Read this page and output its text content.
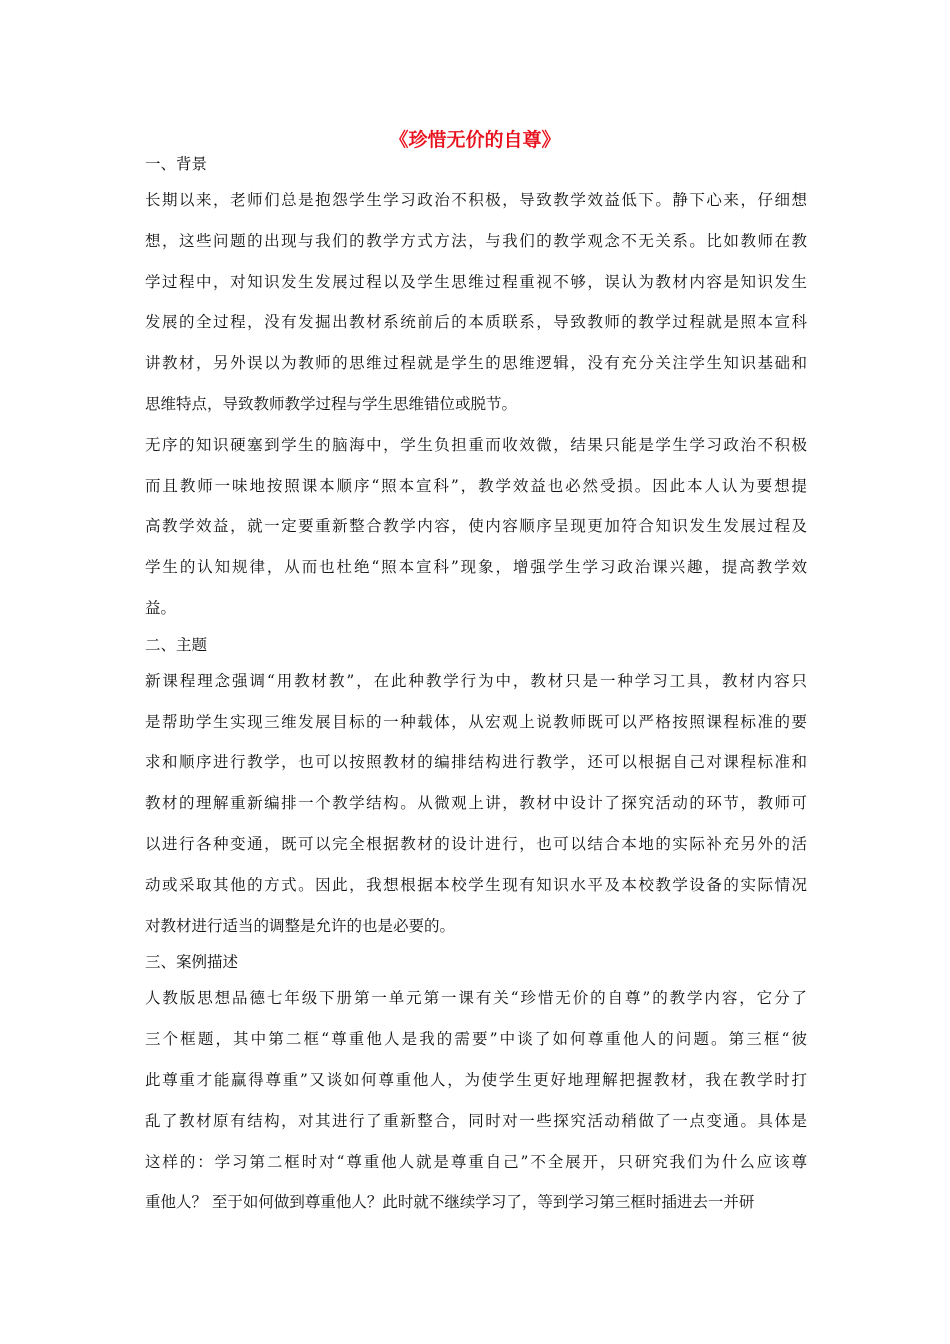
《珍惜无价的自尊》
一、背景
长期以来，老师们总是抱怨学生学习政治不积极，导致教学效益低下。静下心来，仔细想
想，这些问题的出现与我们的教学方式方法，与我们的教学观念不无关系。比如教师在教
学过程中，对知识发生发展过程以及学生思维过程重视不够，误认为教材内容是知识发生
发展的全过程，没有发掘出教材系统前后的本质联系，导致教师的教学过程就是照本宣科
讲教材，另外误以为教师的思维过程就是学生的思维逻辑，没有充分关注学生知识基础和
思维特点，导致教师教学过程与学生思维错位或脱节。
无序的知识硬塞到学生的脑海中，学生负担重而收效微，结果只能是学生学习政治不积极
而且教师一味地按照课本顺序“照本宣科”，教学效益也必然受损。因此本人认为要想提
高教学效益，就一定要重新整合教学内容，使内容顺序呈现更加符合知识发生发展过程及
学生的认知规律，从而也杜绝“照本宣科”现象，增强学生学习政治课兴趣，提高教学效
益。
二、主题
新课程理念强调“用教材教”，在此种教学行为中，教材只是一种学习工具，教材内容只
是帮助学生实现三维发展目标的一种载体，从宏观上说教师既可以严格按照课程标准的要
求和顺序进行教学，也可以按照教材的编排结构进行教学，还可以根据自己对课程标准和
教材的理解重新编排一个教学结构。从微观上讲，教材中设计了探究活动的环节，教师可
以进行各种变通，既可以完全根据教材的设计进行，也可以结合本地的实际补充另外的活
动或采取其他的方式。因此，我想根据本校学生现有知识水平及本校教学设备的实际情况
对教材进行适当的调整是允许的也是必要的。
三、案例描述
人教版思想品德七年级下册第一单元第一课有关“珍惜无价的自尊”的教学内容，它分了
三个框题，其中第二框“尊重他人是我的需要”中谈了如何尊重他人的问题。第三框“彼
此尊重才能赢得尊重”又谈如何尊重他人，为使学生更好地理解把握教材，我在教学时打
乱了教材原有结构，对其进行了重新整合，同时对一些探究活动稍做了一点变通。具体是
这样的：学习第二框时对“尊重他人就是尊重自己”不全展开，只研究我们为什么应该尊
重他人？ 至于如何做到尊重他人？此时就不继续学习了，等到学习第三框时插进去一并研
